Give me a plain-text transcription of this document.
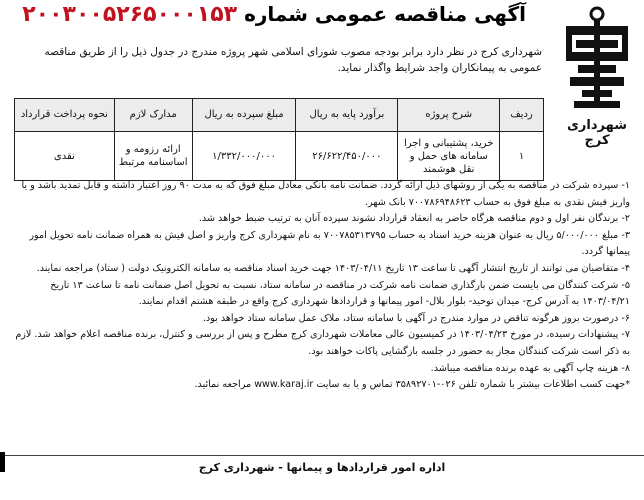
شهرداری کرج
آگهی مناقصه عمومی شماره ۲۰۰۳۰۰۵۲۶۵۰۰۰۱۵۳
شهرداری کرج در نظر دارد برابر بودجه مصوب شورای اسلامی شهر پروژه مندرج در جدول ذیل را از طریق مناقصه عمومی به پیمانکاران واجد شرایط واگذار نماید.
ردیف	شرح پروژه	برآورد پایه به ریال	مبلغ سپرده به ریال	مدارک لازم	نحوه پرداخت قرارداد
۱	خرید، پشتیبانی و اجرا سامانه های حمل و نقل هوشمند	۲۶/۶۲۲/۴۵۰/۰۰۰	۱/۳۳۲/۰۰۰/۰۰۰	ارائه رزومه و اساسنامه مرتبط	نقدی

۱- سپرده شرکت در مناقصه به یکی از روشهای ذیل ارائه گردد. ضمانت نامه بانکی معادل مبلغ فوق که به مدت ۹۰ روز اعتبار داشته و قابل تمدید باشد و یا واریز فیش نقدی به مبلغ فوق به حساب ۷۰۰۷۸۶۹۴۸۶۲۳ بانک شهر.

۲- برندگان نفر اول و دوم مناقصه هرگاه حاضر به انعقاد قرارداد نشوند سپرده آنان به ترتیب ضبط خواهد شد.

۳- مبلغ ۵/۰۰۰/۰۰۰ ریال به عنوان هزینه خرید اسناد به حساب ۷۰۰۷۸۵۳۱۳۷۹۵ به نام شهرداری کرج واریز و اصل فیش به همراه ضمانت نامه تحویل امور پیمانها گردد.

۴- متقاضیان می توانند از تاریخ انتشار آگهی تا ساعت ۱۳ تاریخ ۱۴۰۳/۰۴/۱۱ جهت خرید اسناد مناقصه به سامانه الکترونیک دولت ( ستاد) مراجعه نمایند.

۵- شرکت کنندگان می بایست ضمن بارگذاری ضمانت نامه شرکت در مناقصه در سامانه ستاد، نسبت به تحویل اصل ضمانت نامه تا ساعت ۱۳ تاریخ ۱۴۰۳/۰۴/۲۱ به آدرس کرج- میدان توحید- بلوار بلال- امور پیمانها و قراردادها شهرداری کرج واقع در طبقه هشتم اقدام نمایند.

۶- درصورت بروز هرگونه تناقض در موارد مندرج در آگهی با سامانه ستاد، ملاک عمل سامانه ستاد خواهد بود.

۷- پیشنهادات رسیده، در مورخ ۱۴۰۳/۰۴/۲۳ در کمیسیون عالی معاملات شهرداری کرج مطرح و پس از بررسی و کنترل، برنده مناقصه اعلام خواهد شد. لازم به ذکر است شرکت کنندگان مجاز به حضور در جلسه بازگشایی پاکات خواهند بود.

۸- هزینه چاپ آگهی به عهده برنده مناقصه میباشد.

*جهت کسب اطلاعات بیشتر با شماره تلفن ۰۲۶-۳۵۸۹۲۷۰۱ تماس و یا به سایت www.karaj.ir مراجعه نمائید.

اداره امور قراردادها و پیمانها - شهرداری کرج
